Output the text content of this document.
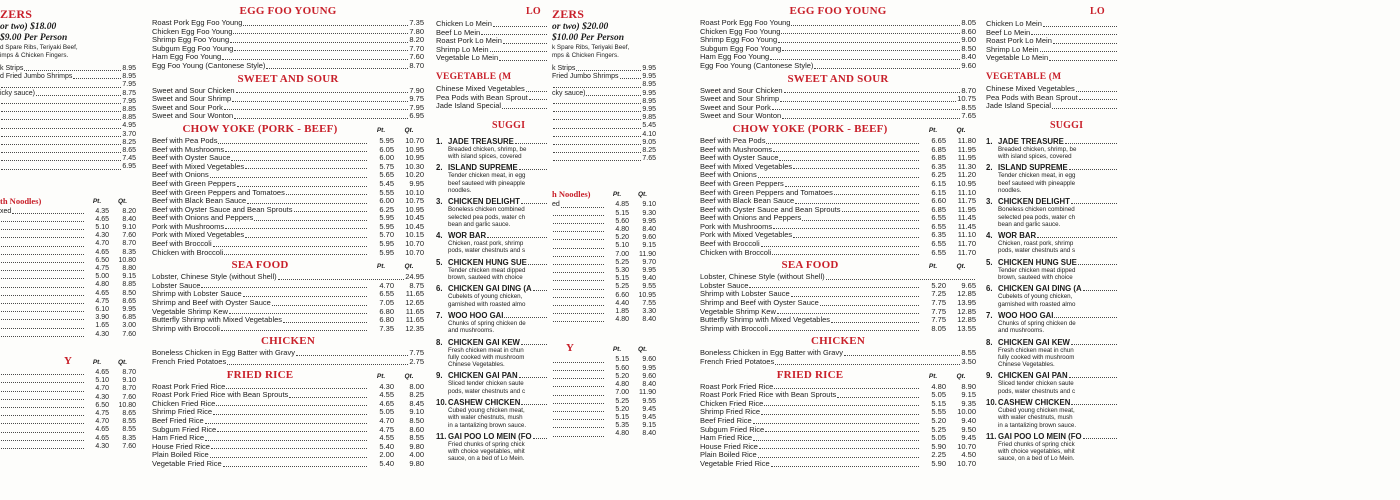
ZERS
or two) $18.00
$9.00 Per Person
d Spare Ribs, Teriyaki Beef,
imps & Chicken Fingers.
k Strips	8.95
d Fried Jumbo Shrimps	8.95
7.95
icky sauce)	8.75
7.95
8.85
8.85
4.95
3.70
8.25
8.65
7.45
6.95
th Noodles)	Pt.	Qt.
xed	4.35	8.20
4.65	8.40
5.10	9.10
4.30	7.60
4.70	8.70
4.65	8.35
6.50	10.80
4.75	8.80
5.00	9.15
4.80	8.85
4.65	8.50
4.75	8.65
6.10	9.95
3.90	6.85
1.65	3.00
4.30	7.60
Y	Pt.	Qt.
4.65	8.70
5.10	9.10
4.70	8.70
4.30	7.60
6.50	10.80
4.75	8.65
4.70	8.55
4.65	8.55
4.65	8.35
4.30	7.60
EGG FOO YOUNG
Roast Pork Egg Foo Young	7.35
Chicken Egg Foo Young	7.80
Shrimp Egg Foo Young	8.20
Subgum Egg Foo Young	7.70
Ham Egg Foo Young	7.60
Egg Foo Young (Cantonese Style)	8.70
SWEET AND SOUR
Sweet and Sour Chicken	7.90
Sweet and Sour Shrimp	9.75
Sweet and Sour Pork	7.95
Sweet and Sour Wonton	6.95
CHOW YOKE (PORK - BEEF)	Pt.	Qt.
Beef with Pea Pods	5.95	10.70
Beef with Mushrooms	6.05	10.95
Beef with Oyster Sauce	6.00	10.95
Beef with Mixed Vegetables	5.75	10.30
Beef with Onions	5.65	10.20
Beef with Green Peppers	5.45	9.95
Beef with Green Peppers and Tomatoes	5.55	10.10
Beef with Black Bean Sauce	6.00	10.75
Beef with Oyster Sauce and Bean Sprouts	6.25	10.95
Beef with Onions and Peppers	5.95	10.45
Pork with Mushrooms	5.95	10.45
Pork with Mixed Vegetables	5.70	10.15
Beef with Broccoli	5.95	10.70
Chicken with Broccoli	5.95	10.70
SEA FOOD	Pt.	Qt.
Lobster, Chinese Style (without Shell)	24.95
Lobster Sauce	4.70	8.75
Shrimp with Lobster Sauce	6.55	11.65
Shrimp and Beef with Oyster Sauce	7.05	12.65
Vegetable Shrimp Kew	6.80	11.65
Butterfly Shrimp with Mixed Vegetables	6.80	11.65
Shrimp with Broccoli	7.35	12.35
CHICKEN
Boneless Chicken in Egg Batter with Gravy	7.75
French Fried Potatoes	2.75
FRIED RICE	Pt.	Qt.
Roast Pork Fried Rice	4.30	8.00
Roast Pork Fried Rice with Bean Sprouts	4.55	8.25
Chicken Fried Rice	4.65	8.45
Shrimp Fried Rice	5.05	9.10
Beef Fried Rice	4.70	8.50
Subgum Fried Rice	4.75	8.60
Ham Fried Rice	4.55	8.55
House Fried Rice	5.40	9.80
Plain Boiled Rice	2.00	4.00
Vegetable Fried Rice	5.40	9.80
LO
Chicken Lo Mein
Beef Lo Mein
Roast Pork Lo Mein
Shrimp Lo Mein
Vegetable Lo Mein
VEGETABLE (M
Chinese Mixed Vegetables
Pea Pods with Bean Sprout
Jade Island Special
SUGGI
1. JADE TREASURE
Breaded chicken, shrimp, be
with island spices, covered
2. ISLAND SUPREME
Tender chicken meat, in egg
beef sauteed with pineapple
noodles.
3. CHICKEN DELIGHT
Boneless chicken combined
selected pea pods, water ch
bean and garlic sauce.
4. WOR BAR
Chicken, roast pork, shrimp
pods, water chestnuts and s
5. CHICKEN HUNG SUE
Tender chicken meat dipped
brown, sauteed with choice
6. CHICKEN GAI DING (A
Cubelets of young chicken,
garnished with roasted almo
7. WOO HOO GAI
Chunks of spring chicken de
and mushrooms.
8. CHICKEN GAI KEW
Fresh chicken meat in chun
fully cooked with mushroom
Chinese Vegetables.
9. CHICKEN GAI PAN
Sliced tender chicken saute
pods, water chestnuts and c
10. CASHEW CHICKEN
Cubed young chicken meat,
with water chestnuts, mush
in a tantalizing brown sauce.
11. GAI POO LO MEIN (FO
Fried chunks of spring chick
with choice vegetables, whit
sauce, on a bed of Lo Mein.
ZERS
or two) $20.00
$10.00 Per Person
k Spare Ribs, Teriyaki Beef,
mps & Chicken Fingers.
k Strips	9.95
Fried Jumbo Shrimps	9.95
8.95
cky sauce)	9.95
8.95
9.95
9.85
5.45
4.10
9.05
8.25
7.65
h Noodles)	Pt.	Qt.
ed	4.85	9.10
5.15	9.30
5.60	9.95
4.80	8.40
5.20	9.60
5.10	9.15
7.00	11.90
5.25	9.70
5.30	9.95
5.15	9.40
5.25	9.55
6.60	10.95
4.40	7.55
1.85	3.30
4.80	8.40
Y	Pt.	Qt.
5.15	9.60
5.60	9.95
5.20	9.60
4.80	8.40
7.00	11.90
5.25	9.55
5.20	9.45
5.15	9.45
5.35	9.15
4.80	8.40
EGG FOO YOUNG
Roast Pork Egg Foo Young	8.05
Chicken Egg Foo Young	8.60
Shrimp Egg Foo Young	9.00
Subgum Egg Foo Young	8.50
Ham Egg Foo Young	8.40
Egg Foo Young (Cantonese Style)	9.60
SWEET AND SOUR
Sweet and Sour Chicken	8.70
Sweet and Sour Shrimp	10.75
Sweet and Sour Pork	8.55
Sweet and Sour Wonton	7.65
CHOW YOKE (PORK - BEEF)	Pt.	Qt.
Beef with Pea Pods	6.65	11.80
Beef with Mushrooms	6.85	11.95
Beef with Oyster Sauce	6.85	11.95
Beef with Mixed Vegetables	6.35	11.30
Beef with Onions	6.25	11.20
Beef with Green Peppers	6.15	10.95
Beef with Green Peppers and Tomatoes	6.15	11.10
Beef with Black Bean Sauce	6.60	11.75
Beef with Oyster Sauce and Bean Sprouts	6.85	11.95
Beef with Onions and Peppers	6.55	11.45
Pork with Mushrooms	6.55	11.45
Pork with Mixed Vegetables	6.35	11.10
Beef with Broccoli	6.55	11.70
Chicken with Broccoli	6.55	11.70
SEA FOOD	Pt.	Qt.
Lobster, Chinese Style (without Shell)
Lobster Sauce	5.20	9.65
Shrimp with Lobster Sauce	7.25	12.85
Shrimp and Beef with Oyster Sauce	7.75	13.95
Vegetable Shrimp Kew	7.75	12.85
Butterfly Shrimp with Mixed Vegetables	7.75	12.85
Shrimp with Broccoli	8.05	13.55
CHICKEN
Boneless Chicken in Egg Batter with Gravy	8.55
French Fried Potatoes	3.50
FRIED RICE	Pt.	Qt.
Roast Pork Fried Rice	4.80	8.90
Roast Pork Fried Rice with Bean Sprouts	5.05	9.15
Chicken Fried Rice	5.15	9.35
Shrimp Fried Rice	5.55	10.00
Beef Fried Rice	5.20	9.40
Subgum Fried Rice	5.25	9.50
Ham Fried Rice	5.05	9.45
House Fried Rice	5.90	10.70
Plain Boiled Rice	2.25	4.50
Vegetable Fried Rice	5.90	10.70
LO
Chicken Lo Mein
Beef Lo Mein
Roast Pork Lo Mein
Shrimp Lo Mein
Vegetable Lo Mein
VEGETABLE (M
Chinese Mixed Vegetables
Pea Pods with Bean Sprout
Jade Island Special
SUGGI
1. JADE TREASURE
Breaded chicken, shrimp, be
with island spices, covered
2. ISLAND SUPREME
Tender chicken meat, in egg
beef sauteed with pineapple
noodles.
3. CHICKEN DELIGHT
Boneless chicken combined
selected pea pods, water ch
bean and garlic sauce.
4. WOR BAR
Chicken, roast pork, shrimp
pods, water chestnuts and s
5. CHICKEN HUNG SUE
Tender chicken meat dipped
brown, sauteed with choice
6. CHICKEN GAI DING (A
Cubelets of young chicken,
garnished with roasted almo
7. WOO HOO GAI
Chunks of spring chicken de
and mushrooms.
8. CHICKEN GAI KEW
Fresh chicken meat in chun
fully cooked with mushroom
Chinese Vegetables.
9. CHICKEN GAI PAN
Sliced tender chicken saute
pods, water chestnuts and c
10. CASHEW CHICKEN
Cubed young chicken meat,
with water chestnuts, mush
in a tantalizing brown sauce.
11. GAI POO LO MEIN (FO
Fried chunks of spring chick
with choice vegetables, whit
sauce, on a bed of Lo Mein.
